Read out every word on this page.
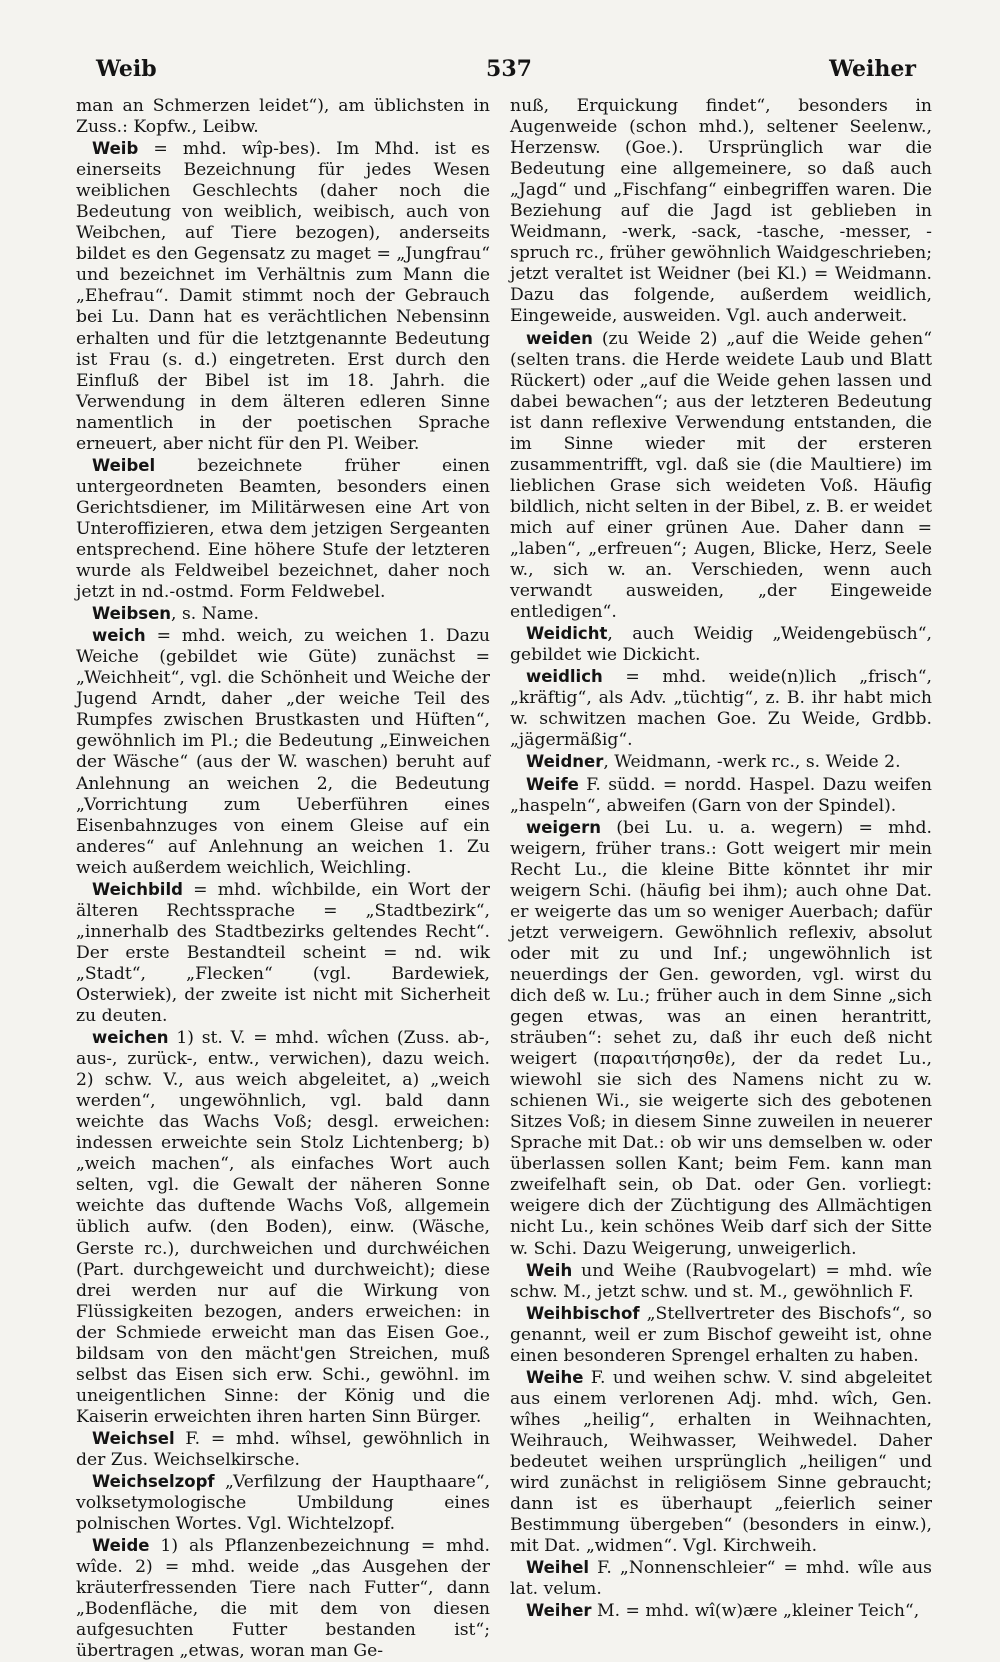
Weib	537	Weiher

man an Schmerzen leidet“), am üblichsten in Zuss.: Kopfw., Leibw.

Weib = mhd. wîp-bes). Im Mhd. ist es einerseits Bezeichnung für jedes Wesen weiblichen Geschlechts (daher noch die Bedeutung von weiblich, weibisch, auch von Weibchen, auf Tiere bezogen), anderseits bildet es den Gegensatz zu maget = „Jungfrau“ und bezeichnet im Verhältnis zum Mann die „Ehefrau“. Damit stimmt noch der Gebrauch bei Lu. Dann hat es verächtlichen Nebensinn erhalten und für die letztgenannte Bedeutung ist Frau (s. d.) eingetreten. Erst durch den Einfluß der Bibel ist im 18. Jahrh. die Verwendung in dem älteren edleren Sinne namentlich in der poetischen Sprache erneuert, aber nicht für den Pl. Weiber.

Weibel bezeichnete früher einen untergeordneten Beamten, besonders einen Gerichtsdiener, im Militärwesen eine Art von Unteroffizieren, etwa dem jetzigen Sergeanten entsprechend. Eine höhere Stufe der letzteren wurde als Feldweibel bezeichnet, daher noch jetzt in nd.-ostmd. Form Feldwebel.

Weibsen, s. Name.

weich = mhd. weich, zu weichen 1. Dazu Weiche (gebildet wie Güte) zunächst = „Weichheit“, vgl. die Schönheit und Weiche der Jugend Arndt, daher „der weiche Teil des Rumpfes zwischen Brustkasten und Hüften“, gewöhnlich im Pl.; die Bedeutung „Einweichen der Wäsche“ (aus der W. waschen) beruht auf Anlehnung an weichen 2, die Bedeutung „Vorrichtung zum Ueberführen eines Eisenbahnzuges von einem Gleise auf ein anderes“ auf Anlehnung an weichen 1. Zu weich außerdem weichlich, Weichling.

Weichbild = mhd. wîchbilde, ein Wort der älteren Rechtssprache = „Stadtbezirk“, „innerhalb des Stadtbezirks geltendes Recht“. Der erste Bestandteil scheint = nd. wik „Stadt“, „Flecken“ (vgl. Bardewiek, Osterwiek), der zweite ist nicht mit Sicherheit zu deuten.

weichen 1) st. V. = mhd. wîchen (Zuss. ab-, aus-, zurück-, entw., verwichen), dazu weich. 2) schw. V., aus weich abgeleitet, a) „weich werden“, ungewöhnlich, vgl. bald dann weichte das Wachs Voß; desgl. erweichen: indessen erweichte sein Stolz Lichtenberg; b) „weich machen“, als einfaches Wort auch selten, vgl. die Gewalt der näheren Sonne weichte das duftende Wachs Voß, allgemein üblich aufw. (den Boden), einw. (Wäsche, Gerste rc.), durchweichen und durchwéichen (Part. durchgeweicht und durchweicht); diese drei werden nur auf die Wirkung von Flüssigkeiten bezogen, anders erweichen: in der Schmiede erweicht man das Eisen Goe., bildsam von den mächt'gen Streichen, muß selbst das Eisen sich erw. Schi., gewöhnl. im uneigentlichen Sinne: der König und die Kaiserin erweichten ihren harten Sinn Bürger.

Weichsel F. = mhd. wîhsel, gewöhnlich in der Zus. Weichselkirsche.

Weichselzopf „Verfilzung der Haupthaare“, volksetymologische Umbildung eines polnischen Wortes. Vgl. Wichtelzopf.

Weide 1) als Pflanzenbezeichnung = mhd. wîde. 2) = mhd. weide „das Ausgehen der kräuterfressenden Tiere nach Futter“, dann „Bodenfläche, die mit dem von diesen aufgesuchten Futter bestanden ist“; übertragen „etwas, woran man Ge-

nuß, Erquickung findet“, besonders in Augenweide (schon mhd.), seltener Seelenw., Herzensw. (Goe.). Ursprünglich war die Bedeutung eine allgemeinere, so daß auch „Jagd“ und „Fischfang“ einbegriffen waren. Die Beziehung auf die Jagd ist geblieben in Weidmann, -werk, -sack, -tasche, -messer, -spruch rc., früher gewöhnlich Waidgeschrieben; jetzt veraltet ist Weidner (bei Kl.) = Weidmann. Dazu das folgende, außerdem weidlich, Eingeweide, ausweiden. Vgl. auch anderweit.

weiden (zu Weide 2) „auf die Weide gehen“ (selten trans. die Herde weidete Laub und Blatt Rückert) oder „auf die Weide gehen lassen und dabei bewachen“; aus der letzteren Bedeutung ist dann reflexive Verwendung entstanden, die im Sinne wieder mit der ersteren zusammentrifft, vgl. daß sie (die Maultiere) im lieblichen Grase sich weideten Voß. Häufig bildlich, nicht selten in der Bibel, z. B. er weidet mich auf einer grünen Aue. Daher dann = „laben“, „erfreuen“; Augen, Blicke, Herz, Seele w., sich w. an. Verschieden, wenn auch verwandt ausweiden, „der Eingeweide entledigen“.

Weidicht, auch Weidig „Weidengebüsch“, gebildet wie Dickicht.

weidlich = mhd. weide(n)lich „frisch“, „kräftig“, als Adv. „tüchtig“, z. B. ihr habt mich w. schwitzen machen Goe. Zu Weide, Grdbb. „jägermäßig“.

Weidner, Weidmann, -werk rc., s. Weide 2.

Weife F. südd. = nordd. Haspel. Dazu weifen „haspeln“, abweifen (Garn von der Spindel).

weigern (bei Lu. u. a. wegern) = mhd. weigern, früher trans.: Gott weigert mir mein Recht Lu., die kleine Bitte könntet ihr mir weigern Schi. (häufig bei ihm); auch ohne Dat. er weigerte das um so weniger Auerbach; dafür jetzt verweigern. Gewöhnlich reflexiv, absolut oder mit zu und Inf.; ungewöhnlich ist neuerdings der Gen. geworden, vgl. wirst du dich deß w. Lu.; früher auch in dem Sinne „sich gegen etwas, was an einen herantritt, sträuben“: sehet zu, daß ihr euch deß nicht weigert (παραιτήσησθε), der da redet Lu., wiewohl sie sich des Namens nicht zu w. schienen Wi., sie weigerte sich des gebotenen Sitzes Voß; in diesem Sinne zuweilen in neuerer Sprache mit Dat.: ob wir uns demselben w. oder überlassen sollen Kant; beim Fem. kann man zweifelhaft sein, ob Dat. oder Gen. vorliegt: weigere dich der Züchtigung des Allmächtigen nicht Lu., kein schönes Weib darf sich der Sitte w. Schi. Dazu Weigerung, unweigerlich.

Weih und Weihe (Raubvogelart) = mhd. wîe schw. M., jetzt schw. und st. M., gewöhnlich F.

Weihbischof „Stellvertreter des Bischofs“, so genannt, weil er zum Bischof geweiht ist, ohne einen besonderen Sprengel erhalten zu haben.

Weihe F. und weihen schw. V. sind abgeleitet aus einem verlorenen Adj. mhd. wîch, Gen. wîhes „heilig“, erhalten in Weihnachten, Weihrauch, Weihwasser, Weihwedel. Daher bedeutet weihen ursprünglich „heiligen“ und wird zunächst in religiösem Sinne gebraucht; dann ist es überhaupt „feierlich seiner Bestimmung übergeben“ (besonders in einw.), mit Dat. „widmen“. Vgl. Kirchweih.

Weihel F. „Nonnenschleier“ = mhd. wîle aus lat. velum.

Weiher M. = mhd. wî(w)ære „kleiner Teich“,
